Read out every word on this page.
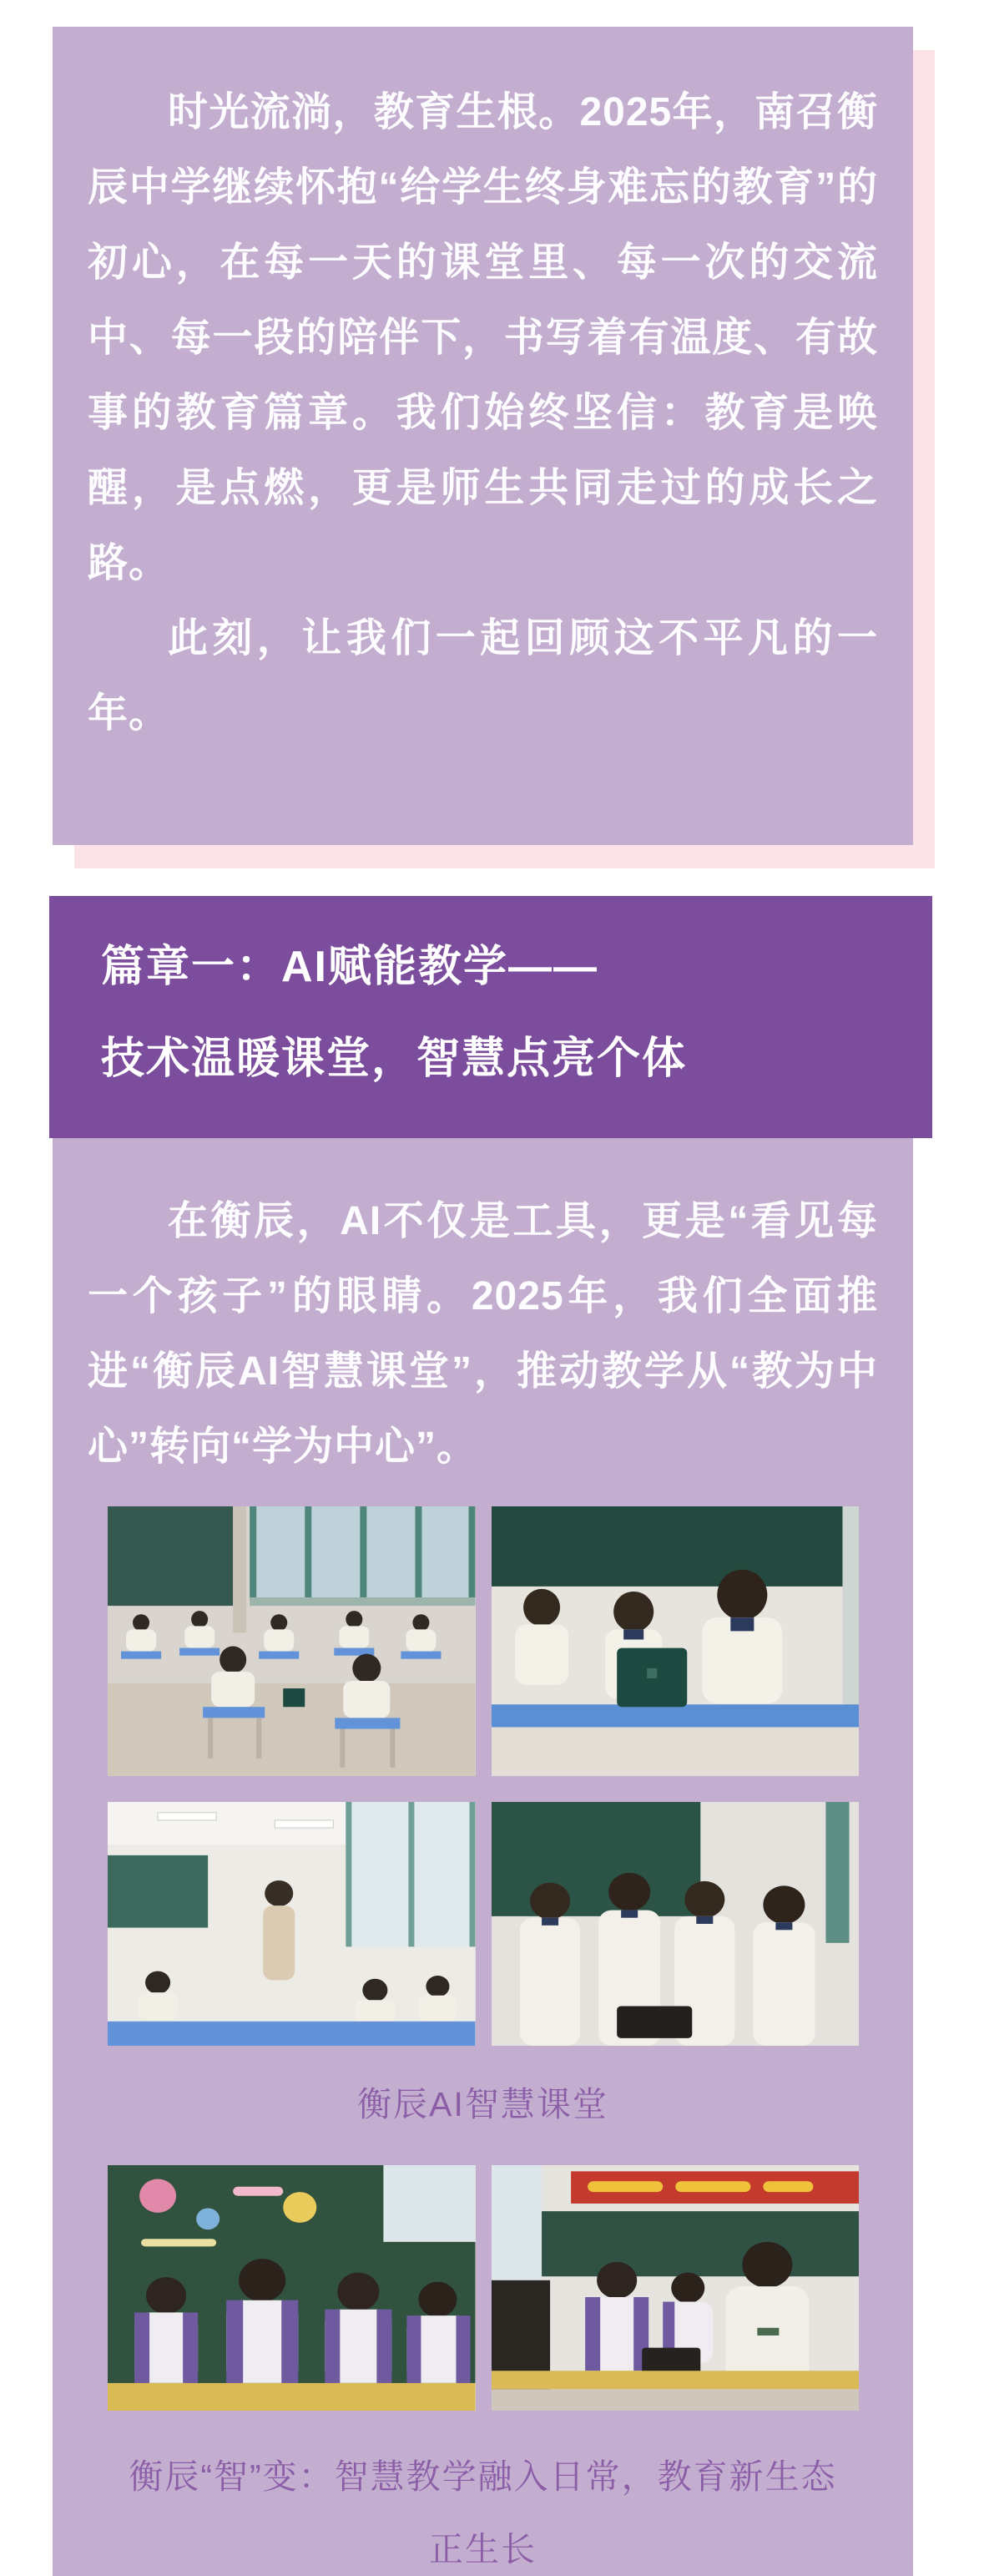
时光流淌，教育生根。2025年，南召衡辰中学继续怀抱“给学生终身难忘的教育”的初心，在每一天的课堂里、每一次的交流中、每一段的陪伴下，书写着有温度、有故事的教育篇章。我们始终坚信：教育是唤醒，是点燃，更是师生共同走过的成长之路。

此刻，让我们一起回顾这不平凡的一年。

篇章一：AI赋能教学——
技术温暖课堂，智慧点亮个体

在衡辰，AI不仅是工具，更是“看见每一个孩子”的眼睛。2025年，我们全面推进“衡辰AI智慧课堂”，推动教学从“教为中心”转向“学为中心”。

衡辰AI智慧课堂
衡辰“智”变：智慧教学融入日常，教育新生态正生长
